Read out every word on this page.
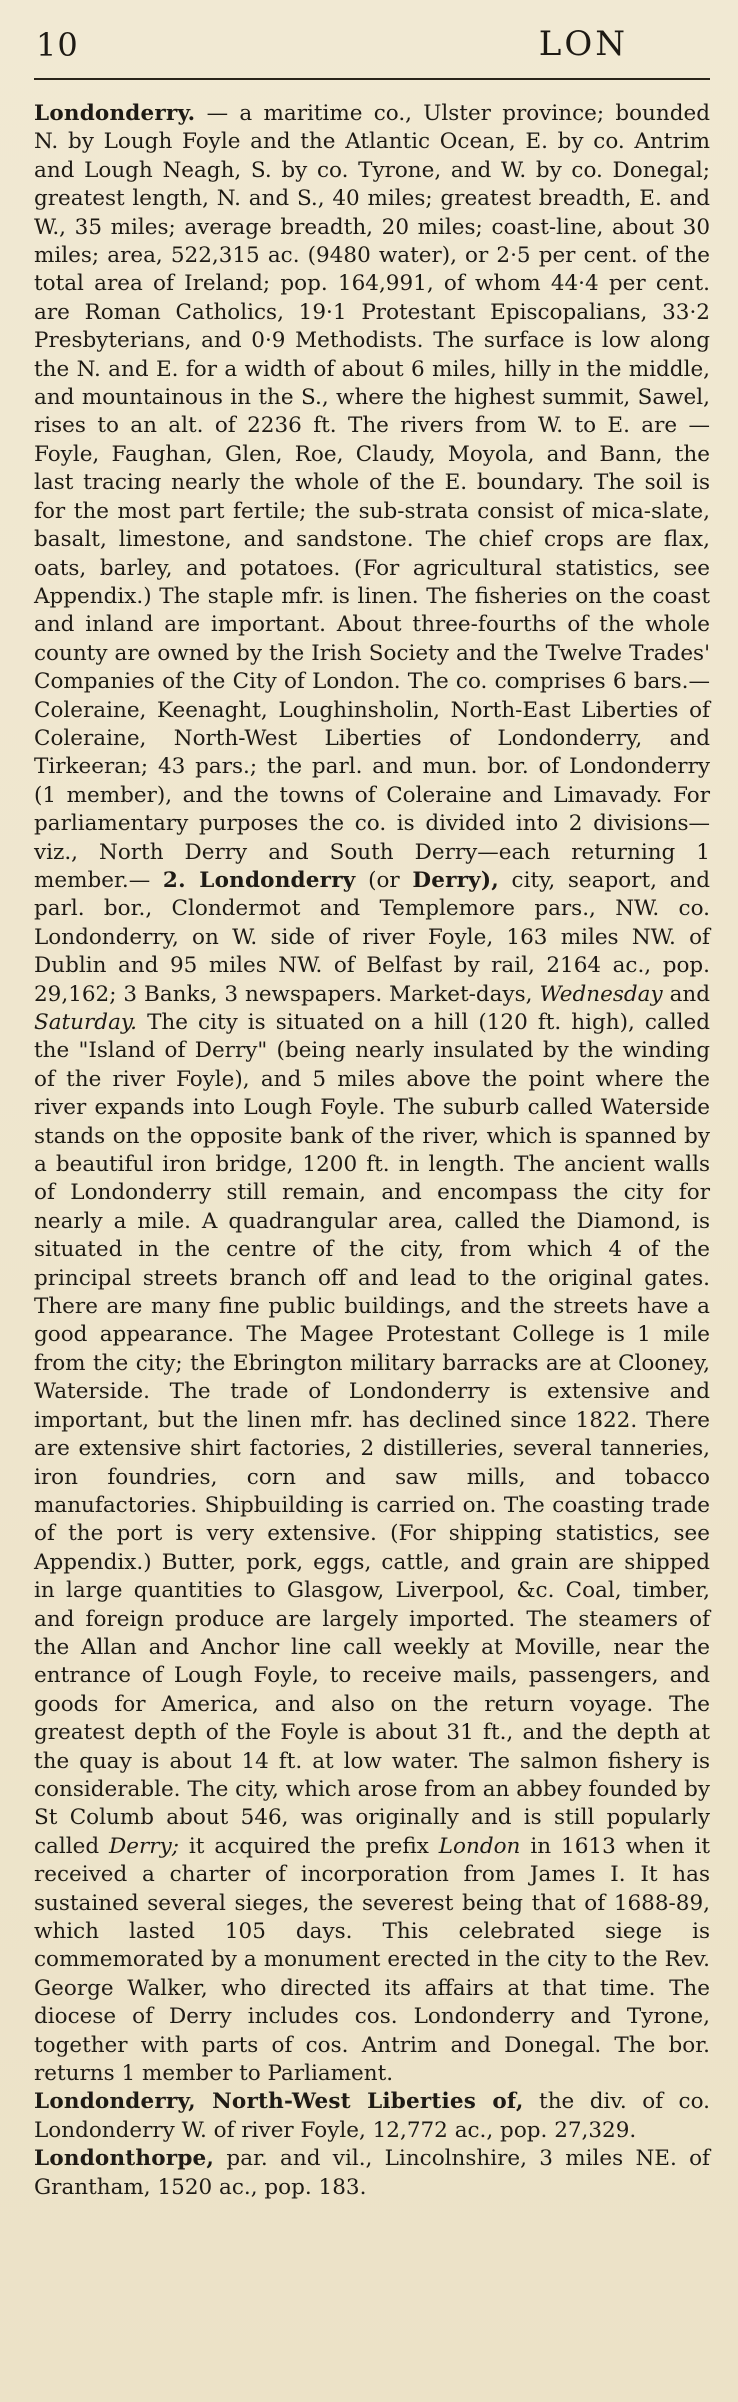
10	LON

Londonderry. — a maritime co., Ulster province; bounded N. by Lough Foyle and the Atlantic Ocean, E. by co. Antrim and Lough Neagh, S. by co. Tyrone, and W. by co. Donegal; greatest length, N. and S., 40 miles; greatest breadth, E. and W., 35 miles; average breadth, 20 miles; coast-line, about 30 miles; area, 522,315 ac. (9480 water), or 2·5 per cent. of the total area of Ireland; pop. 164,991, of whom 44·4 per cent. are Roman Catholics, 19·1 Protestant Episcopalians, 33·2 Presbyterians, and 0·9 Methodists. The surface is low along the N. and E. for a width of about 6 miles, hilly in the middle, and mountainous in the S., where the highest summit, Sawel, rises to an alt. of 2236 ft. The rivers from W. to E. are — Foyle, Faughan, Glen, Roe, Claudy, Moyola, and Bann, the last tracing nearly the whole of the E. boundary. The soil is for the most part fertile; the sub-strata consist of mica-slate, basalt, limestone, and sandstone. The chief crops are flax, oats, barley, and potatoes. (For agricultural statistics, see Appendix.) The staple mfr. is linen. The fisheries on the coast and inland are important. About three-fourths of the whole county are owned by the Irish Society and the Twelve Trades' Companies of the City of London. The co. comprises 6 bars.—Coleraine, Keenaght, Loughinsholin, North-East Liberties of Coleraine, North-West Liberties of Londonderry, and Tirkeeran; 43 pars.; the parl. and mun. bor. of Londonderry (1 member), and the towns of Coleraine and Limavady. For parliamentary purposes the co. is divided into 2 divisions—viz., North Derry and South Derry—each returning 1 member.— 2. Londonderry (or Derry), city, seaport, and parl. bor., Clondermot and Templemore pars., NW. co. Londonderry, on W. side of river Foyle, 163 miles NW. of Dublin and 95 miles NW. of Belfast by rail, 2164 ac., pop. 29,162; 3 Banks, 3 newspapers. Market-days, Wednesday and Saturday. The city is situated on a hill (120 ft. high), called the "Island of Derry" (being nearly insulated by the winding of the river Foyle), and 5 miles above the point where the river expands into Lough Foyle. The suburb called Waterside stands on the opposite bank of the river, which is spanned by a beautiful iron bridge, 1200 ft. in length. The ancient walls of Londonderry still remain, and encompass the city for nearly a mile. A quadrangular area, called the Diamond, is situated in the centre of the city, from which 4 of the principal streets branch off and lead to the original gates. There are many fine public buildings, and the streets have a good appearance. The Magee Protestant College is 1 mile from the city; the Ebrington military barracks are at Clooney, Waterside. The trade of Londonderry is extensive and important, but the linen mfr. has declined since 1822. There are extensive shirt factories, 2 distilleries, several tanneries, iron foundries, corn and saw mills, and tobacco manufactories. Shipbuilding is carried on. The coasting trade of the port is very extensive. (For shipping statistics, see Appendix.) Butter, pork, eggs, cattle, and grain are shipped in large quantities to Glasgow, Liverpool, &c. Coal, timber, and foreign produce are largely imported. The steamers of the Allan and Anchor line call weekly at Moville, near the entrance of Lough Foyle, to receive mails, passengers, and goods for America, and also on the return voyage. The greatest depth of the Foyle is about 31 ft., and the depth at the quay is about 14 ft. at low water. The salmon fishery is considerable. The city, which arose from an abbey founded by St Columb about 546, was originally and is still popularly called Derry; it acquired the prefix London in 1613 when it received a charter of incorporation from James I. It has sustained several sieges, the severest being that of 1688-89, which lasted 105 days. This celebrated siege is commemorated by a monument erected in the city to the Rev. George Walker, who directed its affairs at that time. The diocese of Derry includes cos. Londonderry and Tyrone, together with parts of cos. Antrim and Donegal. The bor. returns 1 member to Parliament.

Londonderry, North-West Liberties of, the div. of co. Londonderry W. of river Foyle, 12,772 ac., pop. 27,329.

Londonthorpe, par. and vil., Lincolnshire, 3 miles NE. of Grantham, 1520 ac., pop. 183.
